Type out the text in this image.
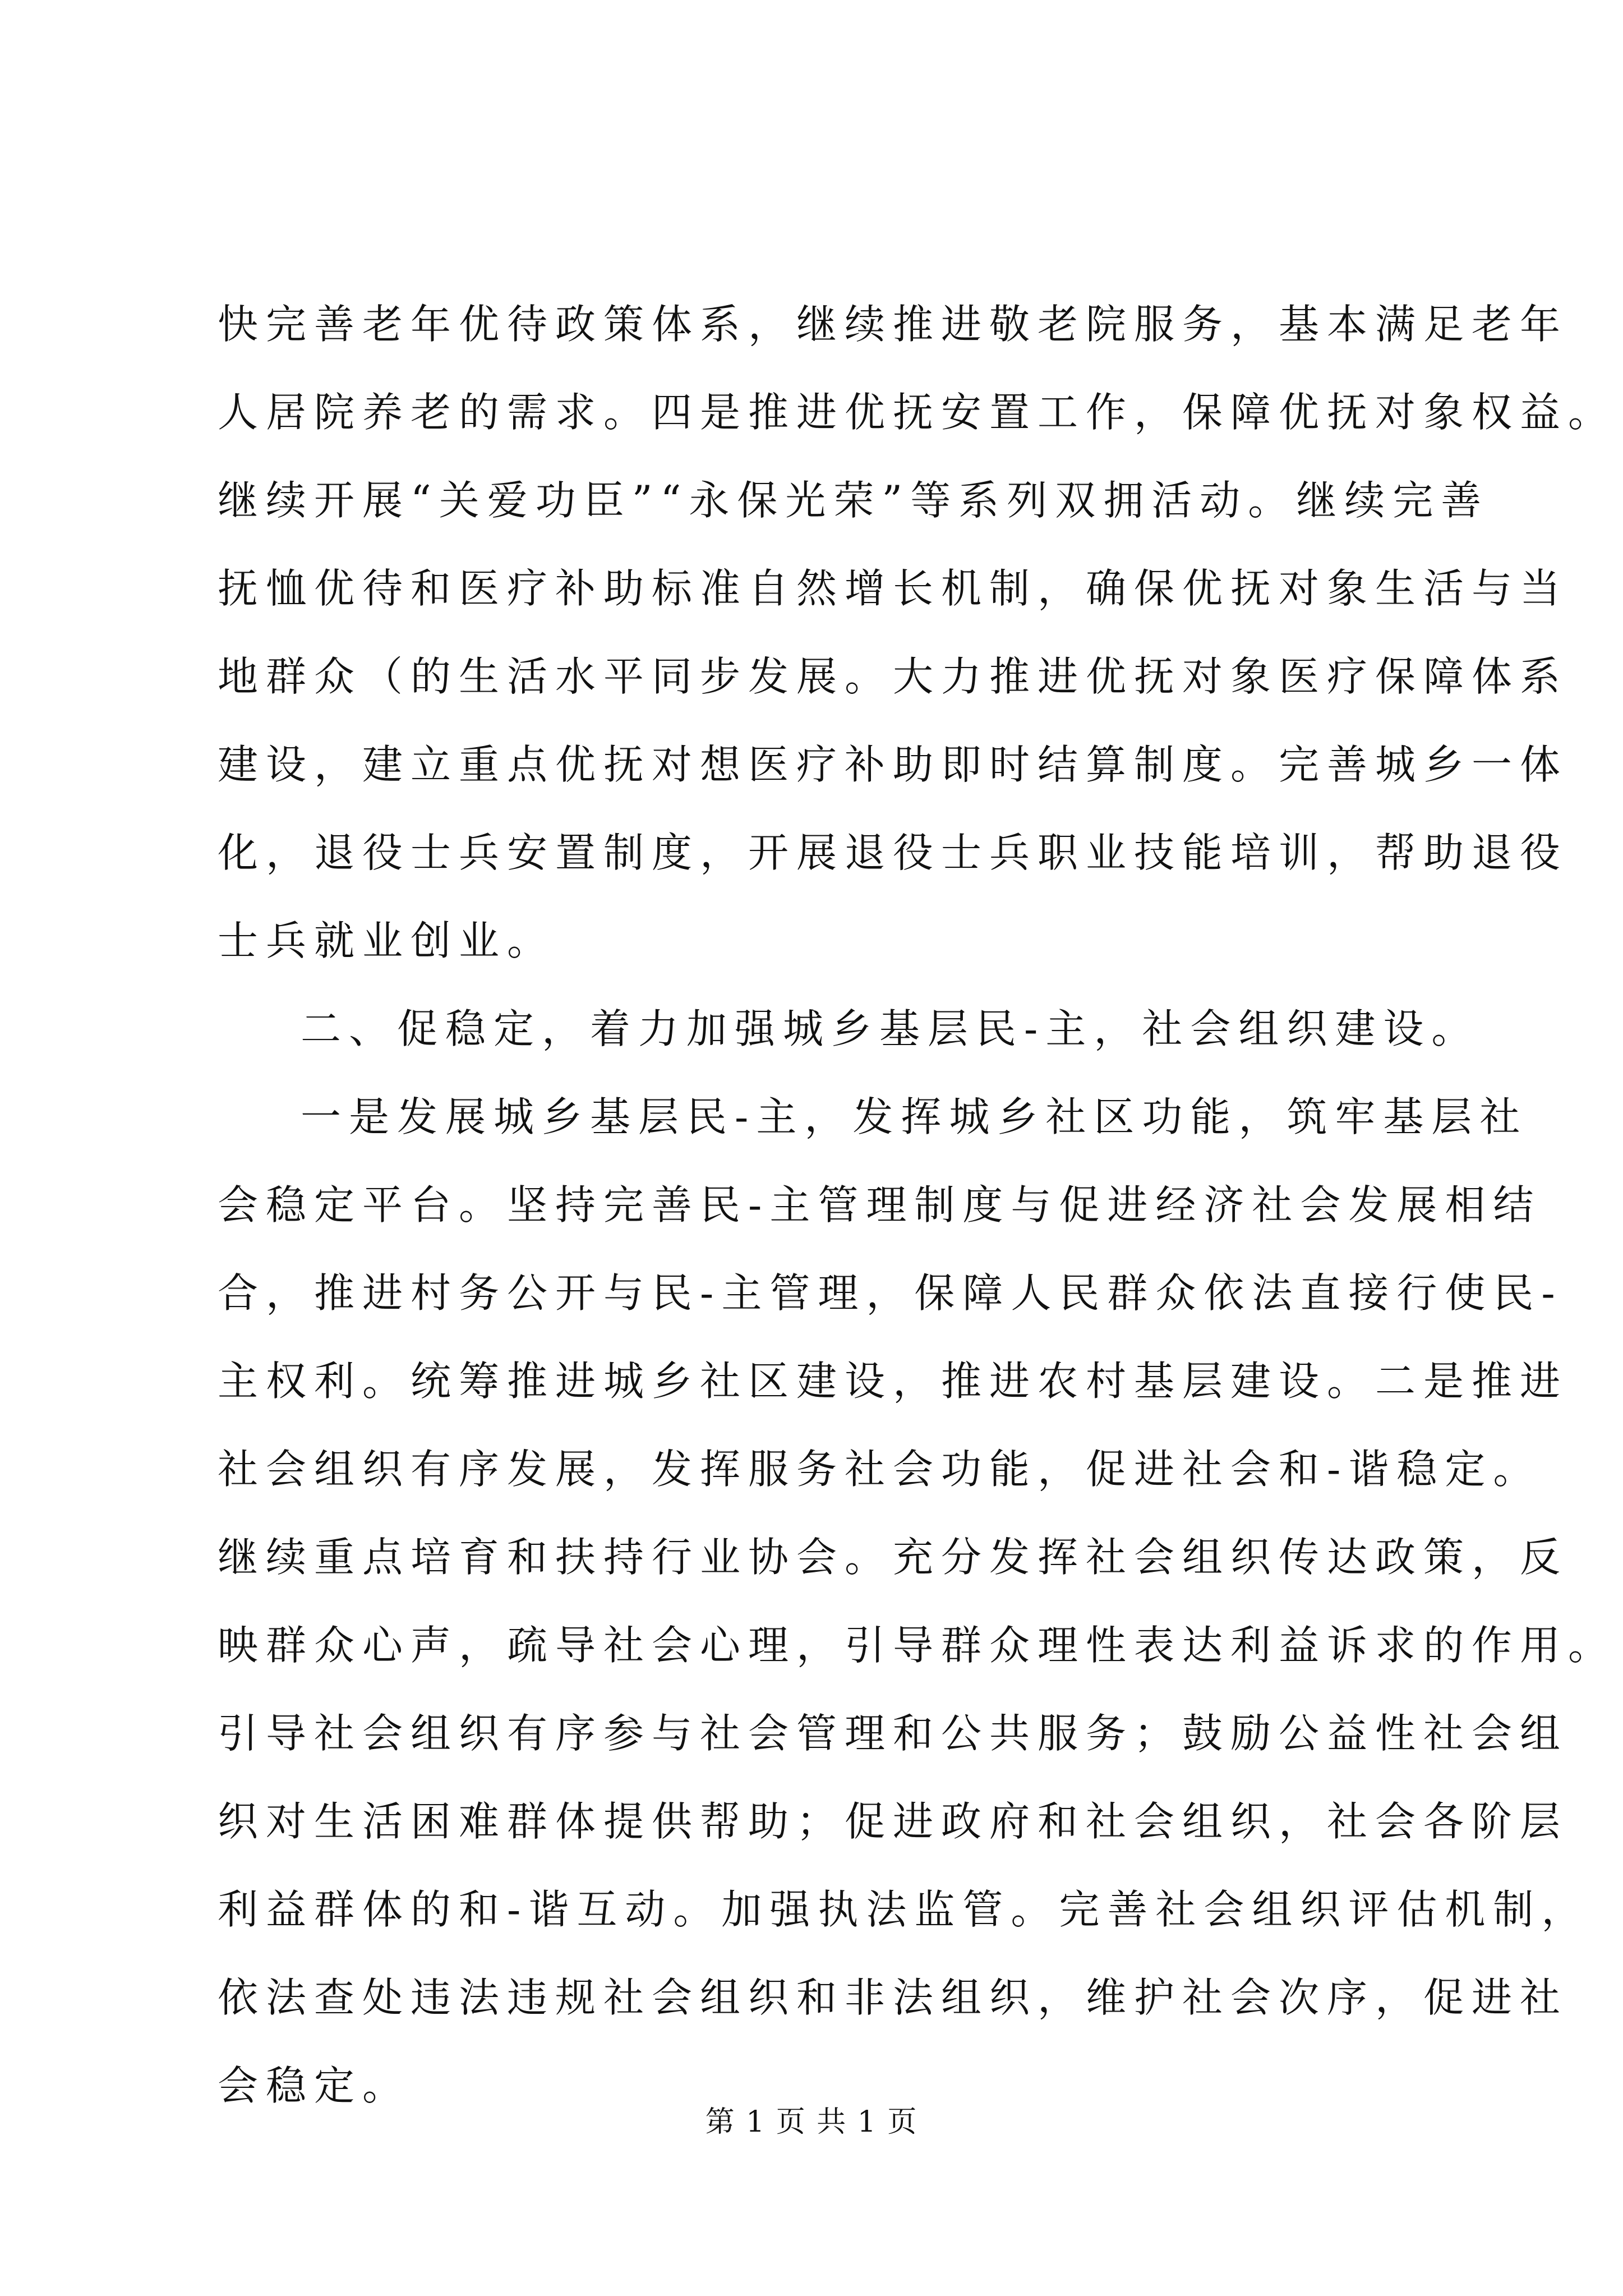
快完善老年优待政策体系，继续推进敬老院服务，基本满足老年
人居院养老的需求。四是推进优抚安置工作，保障优抚对象权益。
继续开展“关爱功臣”“永保光荣”等系列双拥活动。继续完善
抚恤优待和医疗补助标准自然增长机制，确保优抚对象生活与当
地群众（的生活水平同步发展。大力推进优抚对象医疗保障体系
建设，建立重点优抚对想医疗补助即时结算制度。完善城乡一体
化，退役士兵安置制度，开展退役士兵职业技能培训，帮助退役
士兵就业创业。
二、促稳定，着力加强城乡基层民-主，社会组织建设。
一是发展城乡基层民-主，发挥城乡社区功能，筑牢基层社
会稳定平台。坚持完善民-主管理制度与促进经济社会发展相结
合，推进村务公开与民-主管理，保障人民群众依法直接行使民-
主权利。统筹推进城乡社区建设，推进农村基层建设。二是推进
社会组织有序发展，发挥服务社会功能，促进社会和-谐稳定。
继续重点培育和扶持行业协会。充分发挥社会组织传达政策，反
映群众心声，疏导社会心理，引导群众理性表达利益诉求的作用。
引导社会组织有序参与社会管理和公共服务；鼓励公益性社会组
织对生活困难群体提供帮助；促进政府和社会组织，社会各阶层
利益群体的和-谐互动。加强执法监管。完善社会组织评估机制，
依法查处违法违规社会组织和非法组织，维护社会次序，促进社
会稳定。
第 1 页 共 1 页
